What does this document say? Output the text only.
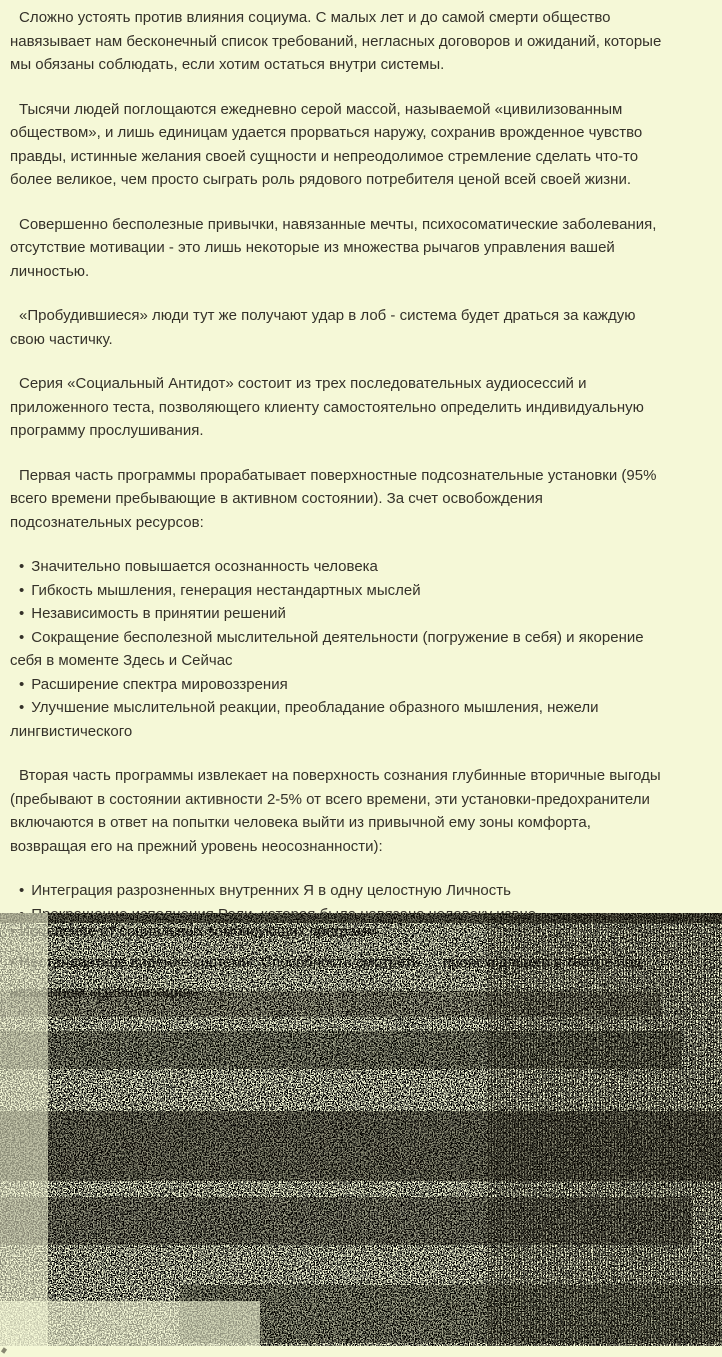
Сложно устоять против влияния социума. С малых лет и до самой смерти общество навязывает нам бесконечный список требований, негласных договоров и ожиданий, которые мы обязаны соблюдать, если хотим остаться внутри системы.

Тысячи людей поглощаются ежедневно серой массой, называемой «цивилизованным обществом», и лишь единицам удается прорваться наружу, сохранив врожденное чувство правды, истинные желания своей сущности и непреодолимое стремление сделать что-то более великое, чем просто сыграть роль рядового потребителя ценой всей своей жизни.

Совершенно бесполезные привычки, навязанные мечты, психосоматические заболевания, отсутствие мотивации - это лишь некоторые из множества рычагов управления вашей личностью.

«Пробудившиеся» люди тут же получают удар в лоб - система будет драться за каждую свою частичку.

Серия «Социальный Антидот» состоит из трех последовательных аудиосессий и приложенного теста, позволяющего клиенту самостоятельно определить индивидуальную программу прослушивания.

Первая часть программы прорабатывает поверхностные подсознательные установки (95% всего времени пребывающие в активном состоянии). За счет освобождения подсознательных ресурсов:

• Значительно повышается осознанность человека
• Гибкость мышления, генерация нестандартных мыслей
• Независимость в принятии решений
• Сокращение бесполезной мыслительной деятельности (погружение в себя) и якорение себя в моменте Здесь и Сейчас
• Расширение спектра мировоззрения
• Улучшение мыслительной реакции, преобладание образного мышления, нежели лингвистического

Вторая часть программы извлекает на поверхность сознания глубинные вторичные выгоды (пребывают в состоянии активности 2-5% от всего времени, эти установки-предохранители включаются в ответ на попытки человека выйти из привычной ему зоны комфорта, возвращая его на прежний уровень неосознанности):

• Интеграция разрозненных внутренних Я в одну целостную Личность
